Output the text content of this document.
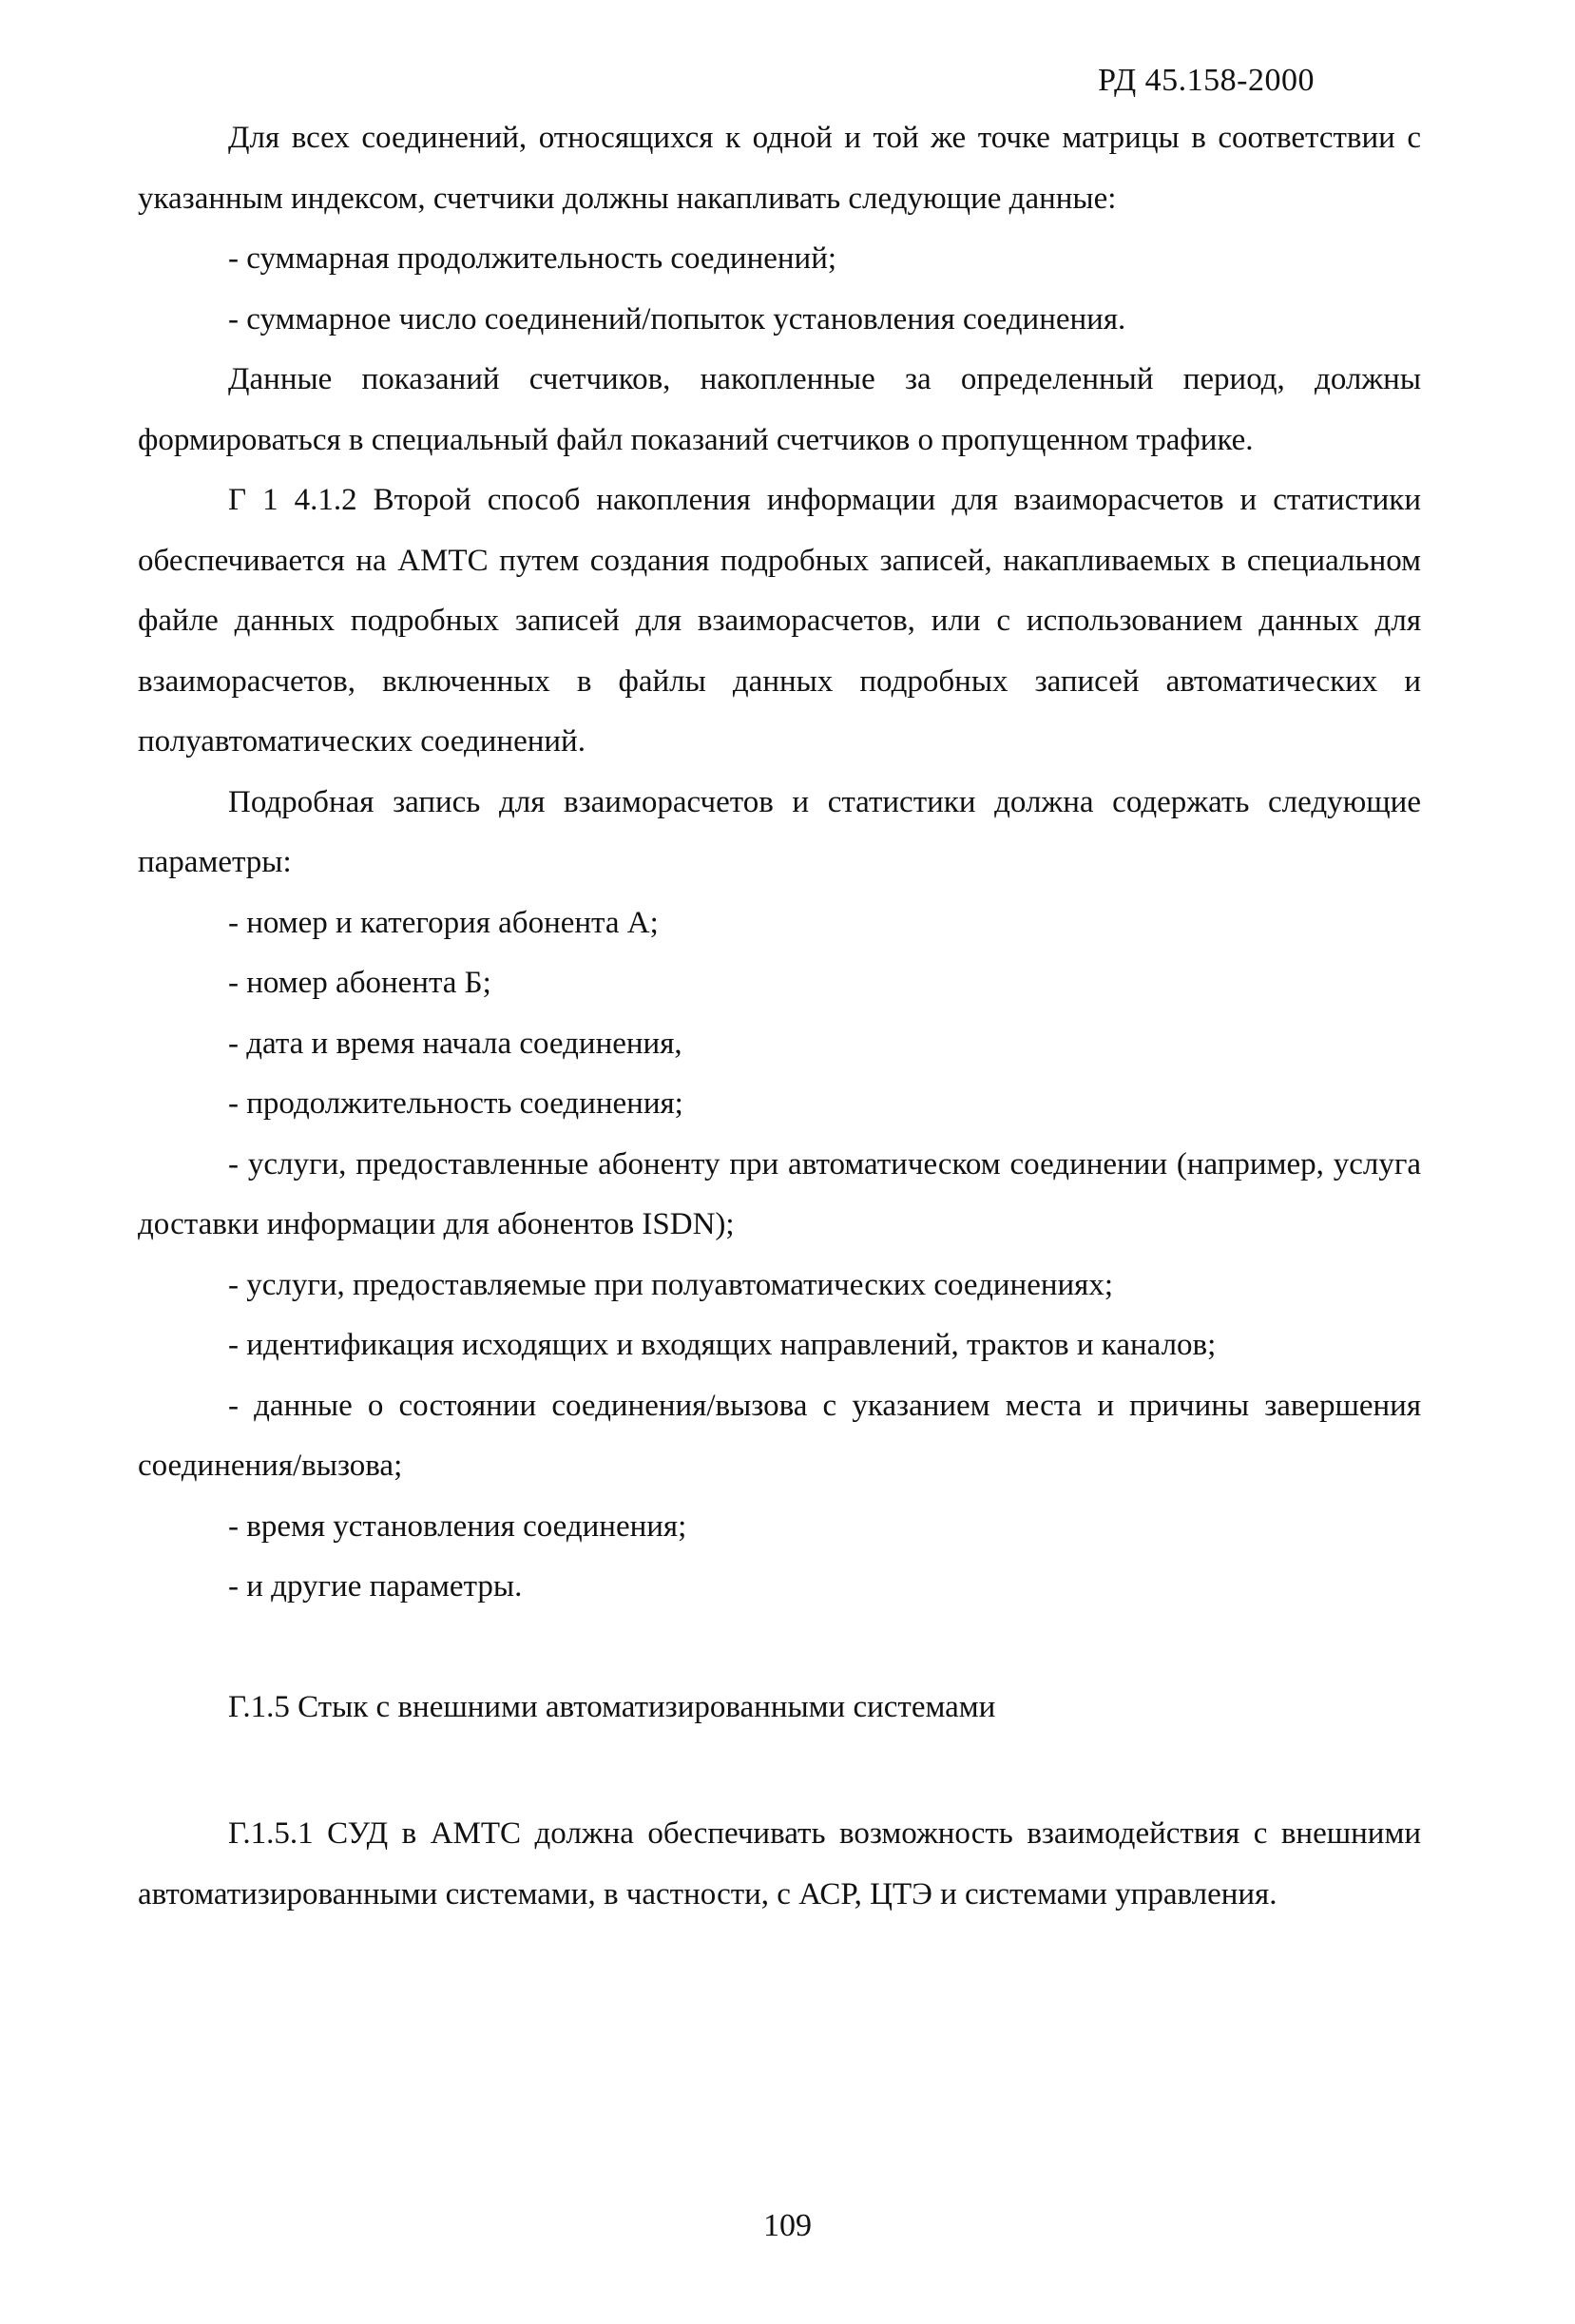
РД 45.158-2000

Для всех соединений, относящихся к одной и той же точке матрицы в соответствии с указанным индексом, счетчики должны накапливать следующие данные:

- суммарная продолжительность соединений;

- суммарное число соединений/попыток установления соединения.

Данные показаний счетчиков, накопленные за определенный период, должны формироваться в специальный файл показаний счетчиков о пропущенном трафике.

Г 1 4.1.2 Второй способ накопления информации для взаиморасчетов и статистики обеспечивается на АМТС путем создания подробных записей, накапливаемых в специальном файле данных подробных записей для взаиморасчетов, или с использованием данных для взаиморасчетов, включенных в файлы данных подробных записей автоматических и полуавтоматических соединений.

Подробная запись для взаиморасчетов и статистики должна содержать следующие параметры:

- номер и категория абонента А;

- номер абонента Б;

- дата и время начала соединения,

- продолжительность соединения;

- услуги, предоставленные абоненту при автоматическом соединении (например, услуга доставки информации для абонентов ISDN);

- услуги, предоставляемые при полуавтоматических соединениях;

- идентификация исходящих и входящих направлений, трактов и каналов;

- данные о состоянии соединения/вызова с указанием места и причины завершения соединения/вызова;

- время установления соединения;

- и другие параметры.

Г.1.5 Стык с внешними автоматизированными системами

Г.1.5.1 СУД в АМТС должна обеспечивать возможность взаимодействия с внешними автоматизированными системами, в частности, с АСР, ЦТЭ и системами управления.

109
